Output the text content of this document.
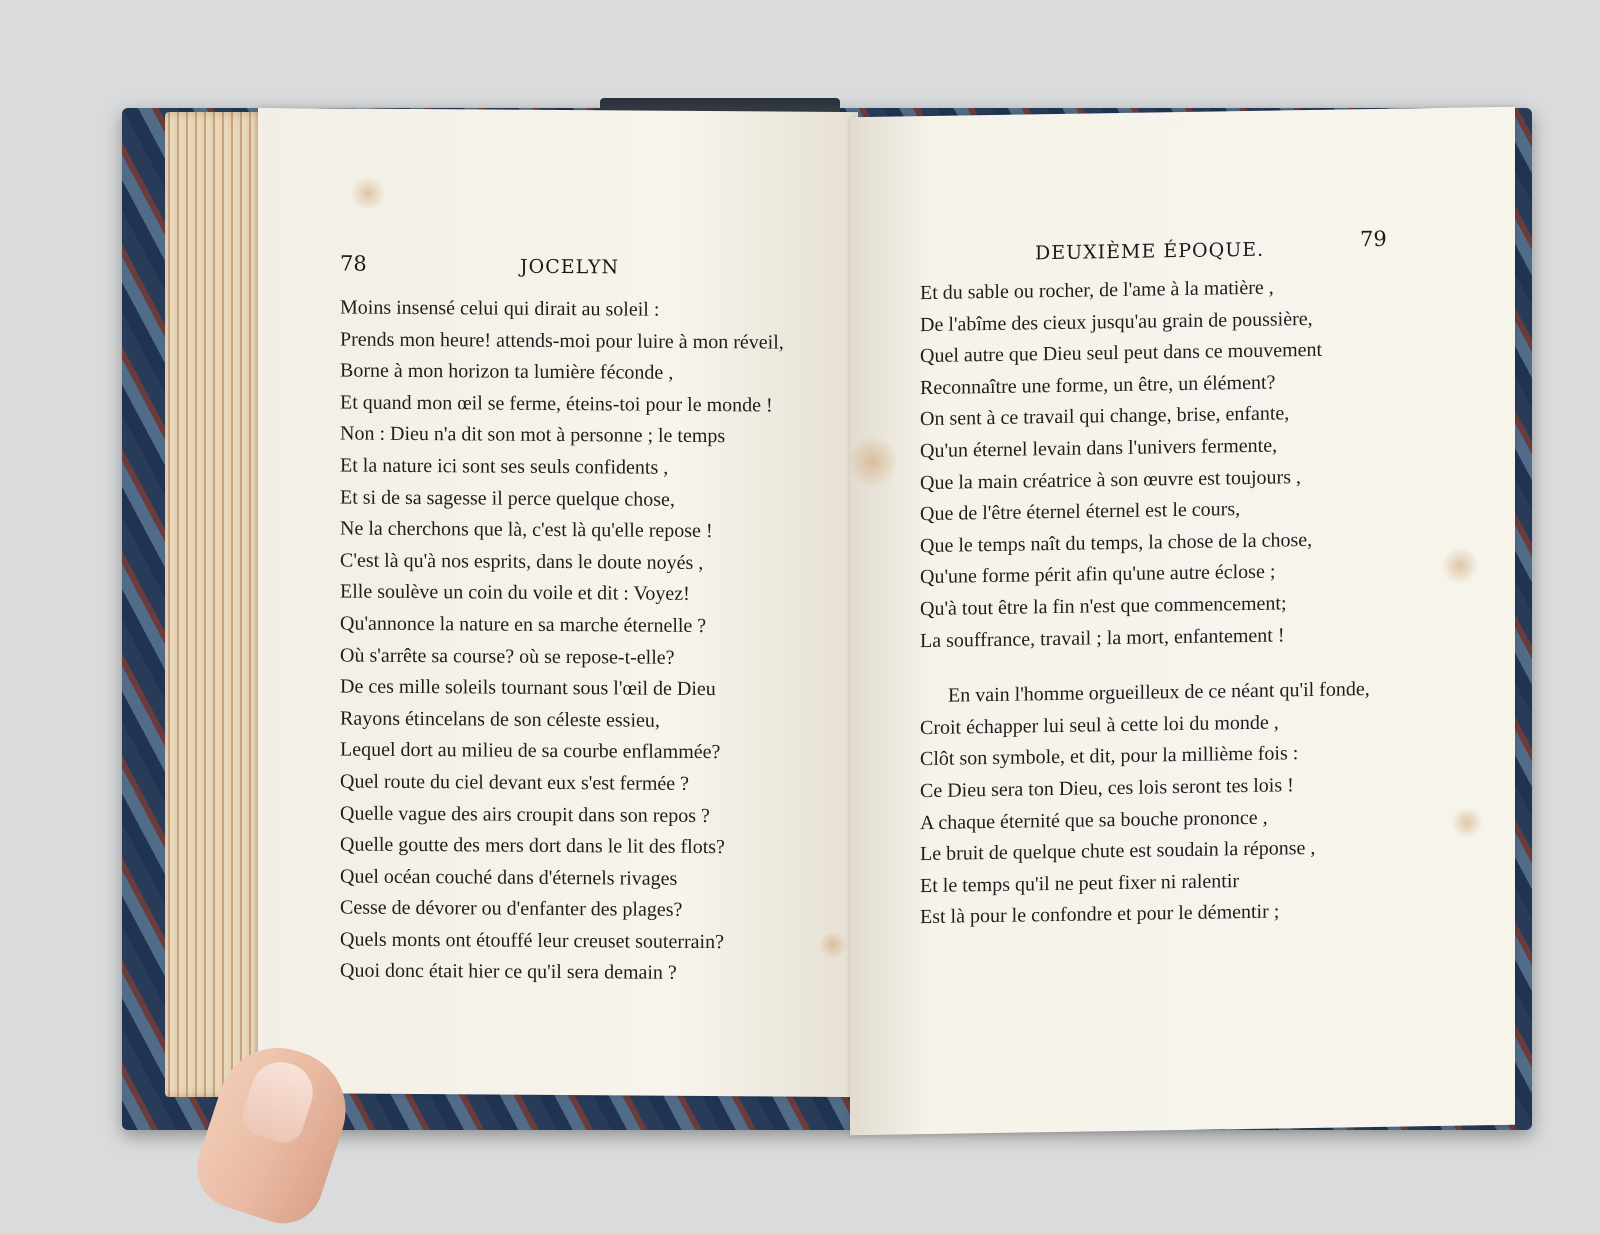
78	JOCELYN
Moins insensé celui qui dirait au soleil :
Prends mon heure! attends-moi pour luire à mon réveil,
Borne à mon horizon ta lumière féconde ,
Et quand mon œil se ferme, éteins-toi pour le monde !
Non : Dieu n'a dit son mot à personne ; le temps
Et la nature ici sont ses seuls confidents ,
Et si de sa sagesse il perce quelque chose,
Ne la cherchons que là, c'est là qu'elle repose !
C'est là qu'à nos esprits, dans le doute noyés ,
Elle soulève un coin du voile et dit : Voyez!
Qu'annonce la nature en sa marche éternelle ?
Où s'arrête sa course? où se repose-t-elle?
De ces mille soleils tournant sous l'œil de Dieu
Rayons étincelans de son céleste essieu,
Lequel dort au milieu de sa courbe enflammée?
Quel route du ciel devant eux s'est fermée ?
Quelle vague des airs croupit dans son repos ?
Quelle goutte des mers dort dans le lit des flots?
Quel océan couché dans d'éternels rivages
Cesse de dévorer ou d'enfanter des plages?
Quels monts ont étouffé leur creuset souterrain?
Quoi donc était hier ce qu'il sera demain ?
DEUXIÈME ÉPOQUE.	79
Et du sable ou rocher, de l'ame à la matière ,
De l'abîme des cieux jusqu'au grain de poussière,
Quel autre que Dieu seul peut dans ce mouvement
Reconnaître une forme, un être, un élément?
On sent à ce travail qui change, brise, enfante,
Qu'un éternel levain dans l'univers fermente,
Que la main créatrice à son œuvre est toujours ,
Que de l'être éternel éternel est le cours,
Que le temps naît du temps, la chose de la chose,
Qu'une forme périt afin qu'une autre éclose ;
Qu'à tout être la fin n'est que commencement;
La souffrance, travail ; la mort, enfantement !
En vain l'homme orgueilleux de ce néant qu'il fonde,
Croit échapper lui seul à cette loi du monde ,
Clôt son symbole, et dit, pour la millième fois :
Ce Dieu sera ton Dieu, ces lois seront tes lois !
A chaque éternité que sa bouche prononce ,
Le bruit de quelque chute est soudain la réponse ,
Et le temps qu'il ne peut fixer ni ralentir
Est là pour le confondre et pour le démentir ;
